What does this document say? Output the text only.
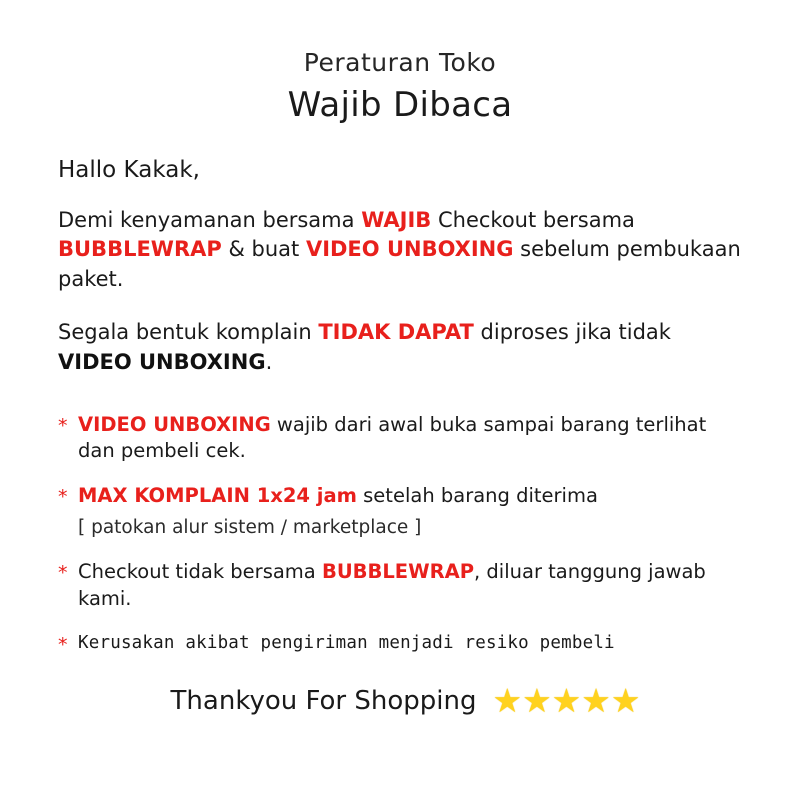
Peraturan Toko
Wajib Dibaca
Hallo Kakak,
Demi kenyamanan bersama WAJIB Checkout bersama BUBBLEWRAP & buat VIDEO UNBOXING sebelum pembukaan paket.
Segala bentuk komplain TIDAK DAPAT diproses jika tidak VIDEO UNBOXING.
* VIDEO UNBOXING wajib dari awal buka sampai barang terlihat dan pembeli cek.
* MAX KOMPLAIN 1x24 jam setelah barang diterima
[ patokan alur sistem / marketplace ]
* Checkout tidak bersama BUBBLEWRAP, diluar tanggung jawab kami.
* Kerusakan akibat pengiriman menjadi resiko pembeli
Thankyou For Shopping ★ ★ ★ ★ ★
